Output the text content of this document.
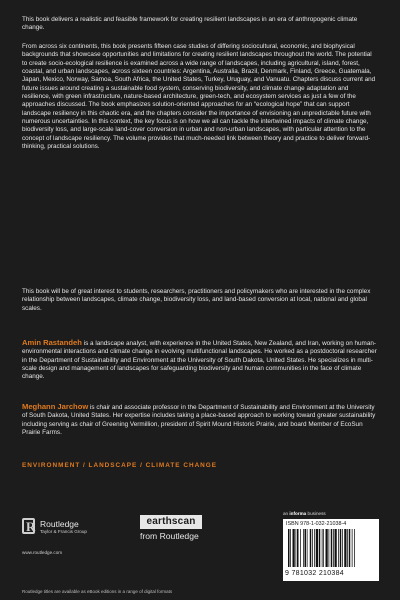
This book delivers a realistic and feasible framework for creating resilient landscapes in an era of anthropogenic climate change.
From across six continents, this book presents fifteen case studies of differing sociocultural, economic, and biophysical backgrounds that showcase opportunities and limitations for creating resilient landscapes throughout the world. The potential to create socio-ecological resilience is examined across a wide range of landscapes, including agricultural, island, forest, coastal, and urban landscapes, across sixteen countries: Argentina, Australia, Brazil, Denmark, Finland, Greece, Guatemala, Japan, Mexico, Norway, Samoa, South Africa, the United States, Turkey, Uruguay, and Vanuatu. Chapters discuss current and future issues around creating a sustainable food system, conserving biodiversity, and climate change adaptation and resilience, with green infrastructure, nature-based architecture, green-tech, and ecosystem services as just a few of the approaches discussed. The book emphasizes solution-oriented approaches for an “ecological hope” that can support landscape resiliency in this chaotic era, and the chapters consider the importance of envisioning an unpredictable future with numerous uncertainties. In this context, the key focus is on how we all can tackle the intertwined impacts of climate change, biodiversity loss, and large-scale land-cover conversion in urban and non-urban landscapes, with particular attention to the concept of landscape resiliency. The volume provides that much-needed link between theory and practice to deliver forward-thinking, practical solutions.
This book will be of great interest to students, researchers, practitioners and policymakers who are interested in the complex relationship between landscapes, climate change, biodiversity loss, and land-based conversion at local, national and global scales.
Amin Rastandeh is a landscape analyst, with experience in the United States, New Zealand, and Iran, working on human-environmental interactions and climate change in evolving multifunctional landscapes. He worked as a postdoctoral researcher in the Department of Sustainability and Environment at the University of South Dakota, United States. He specializes in multi-scale design and management of landscapes for safeguarding biodiversity and human communities in the face of climate change.
Meghann Jarchow is chair and associate professor in the Department of Sustainability and Environment at the University of South Dakota, United States. Her expertise includes taking a place-based approach to working toward greater sustainability including serving as chair of Greening Vermillion, president of Spirit Mound Historic Prairie, and board Member of EcoSun Prairie Farms.
ENVIRONMENT / LANDSCAPE / CLIMATE CHANGE
R Routledge
Taylor & Francis Group
www.routledge.com
earthscan
from Routledge
an informa business
ISBN 978-1-032-21038-4
9 781032 210384
Routledge titles are available as eBook editions in a range of digital formats
